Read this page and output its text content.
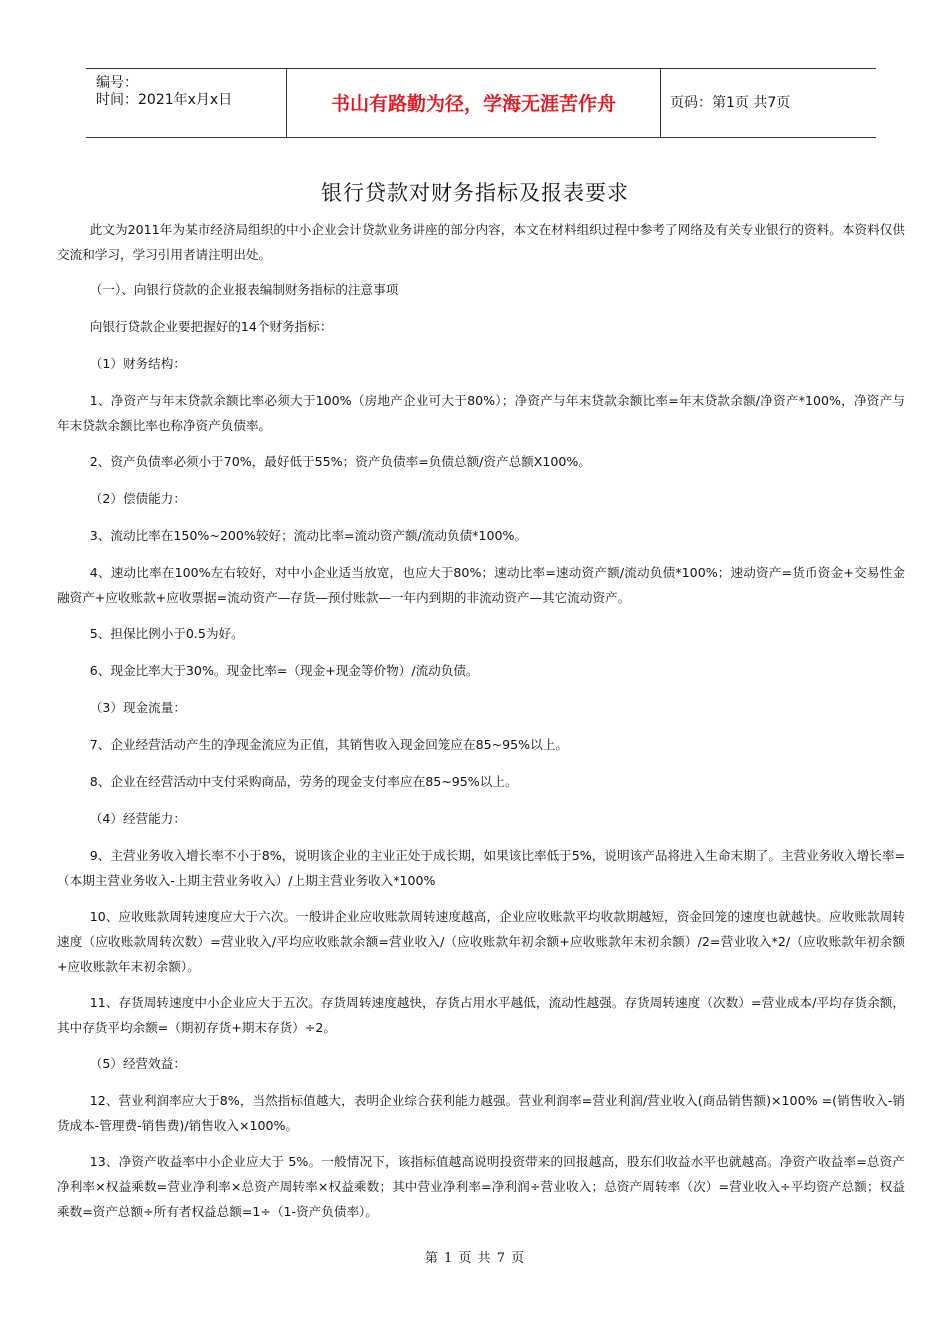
编号：
时间：2021年x月x日	书山有路勤为径，学海无涯苦作舟	页码：第1页 共7页
银行贷款对财务指标及报表要求

此文为2011年为某市经济局组织的中小企业会计贷款业务讲座的部分内容，本文在材料组织过程中参考了网络及有关专业银行的资料。本资料仅供交流和学习，学习引用者请注明出处。

（一）、向银行贷款的企业报表编制财务指标的注意事项

向银行贷款企业要把握好的14个财务指标：

（1）财务结构：

1、净资产与年末贷款余额比率必须大于100%（房地产企业可大于80%）；净资产与年末贷款余额比率=年末贷款余额/净资产*100%，净资产与年末贷款余额比率也称净资产负债率。

2、资产负债率必须小于70%，最好低于55%；资产负债率=负债总额/资产总额X100%。

（2）偿债能力：

3、流动比率在150%~200%较好；流动比率=流动资产额/流动负债*100%。

4、速动比率在100%左右较好，对中小企业适当放宽，也应大于80%；速动比率=速动资产额/流动负债*100%；速动资产=货币资金+交易性金融资产+应收账款+应收票据=流动资产—存货—预付账款—一年内到期的非流动资产—其它流动资产。

5、担保比例小于0.5为好。

6、现金比率大于30%。现金比率=（现金+现金等价物）/流动负债。

（3）现金流量：

7、企业经营活动产生的净现金流应为正值，其销售收入现金回笼应在85~95%以上。

8、企业在经营活动中支付采购商品，劳务的现金支付率应在85~95%以上。

（4）经营能力：

9、主营业务收入增长率不小于8%，说明该企业的主业正处于成长期，如果该比率低于5%，说明该产品将进入生命末期了。主营业务收入增长率=（本期主营业务收入-上期主营业务收入）/上期主营业务收入*100%

10、应收账款周转速度应大于六次。一般讲企业应收账款周转速度越高，企业应收账款平均收款期越短，资金回笼的速度也就越快。应收账款周转速度（应收账款周转次数）=营业收入/平均应收账款余额=营业收入/（应收账款年初余额+应收账款年末初余额）/2=营业收入*2/（应收账款年初余额+应收账款年末初余额）。

11、存货周转速度中小企业应大于五次。存货周转速度越快，存货占用水平越低，流动性越强。存货周转速度（次数）=营业成本/平均存货余额，其中存货平均余额=（期初存货+期末存货）÷2。

（5）经营效益：

12、营业利润率应大于8%，当然指标值越大，表明企业综合获利能力越强。营业利润率=营业利润/营业收入(商品销售额)×100% =(销售收入-销货成本-管理费-销售费)/销售收入×100%。

13、净资产收益率中小企业应大于 5%。一般情况下，该指标值越高说明投资带来的回报越高，股东们收益水平也就越高。净资产收益率=总资产净利率×权益乘数=营业净利率×总资产周转率×权益乘数；其中营业净利率=净利润÷营业收入；总资产周转率（次）=营业收入÷平均资产总额；权益乘数=资产总额÷所有者权益总额=1÷（1-资产负债率）。

第 1 页 共 7 页
